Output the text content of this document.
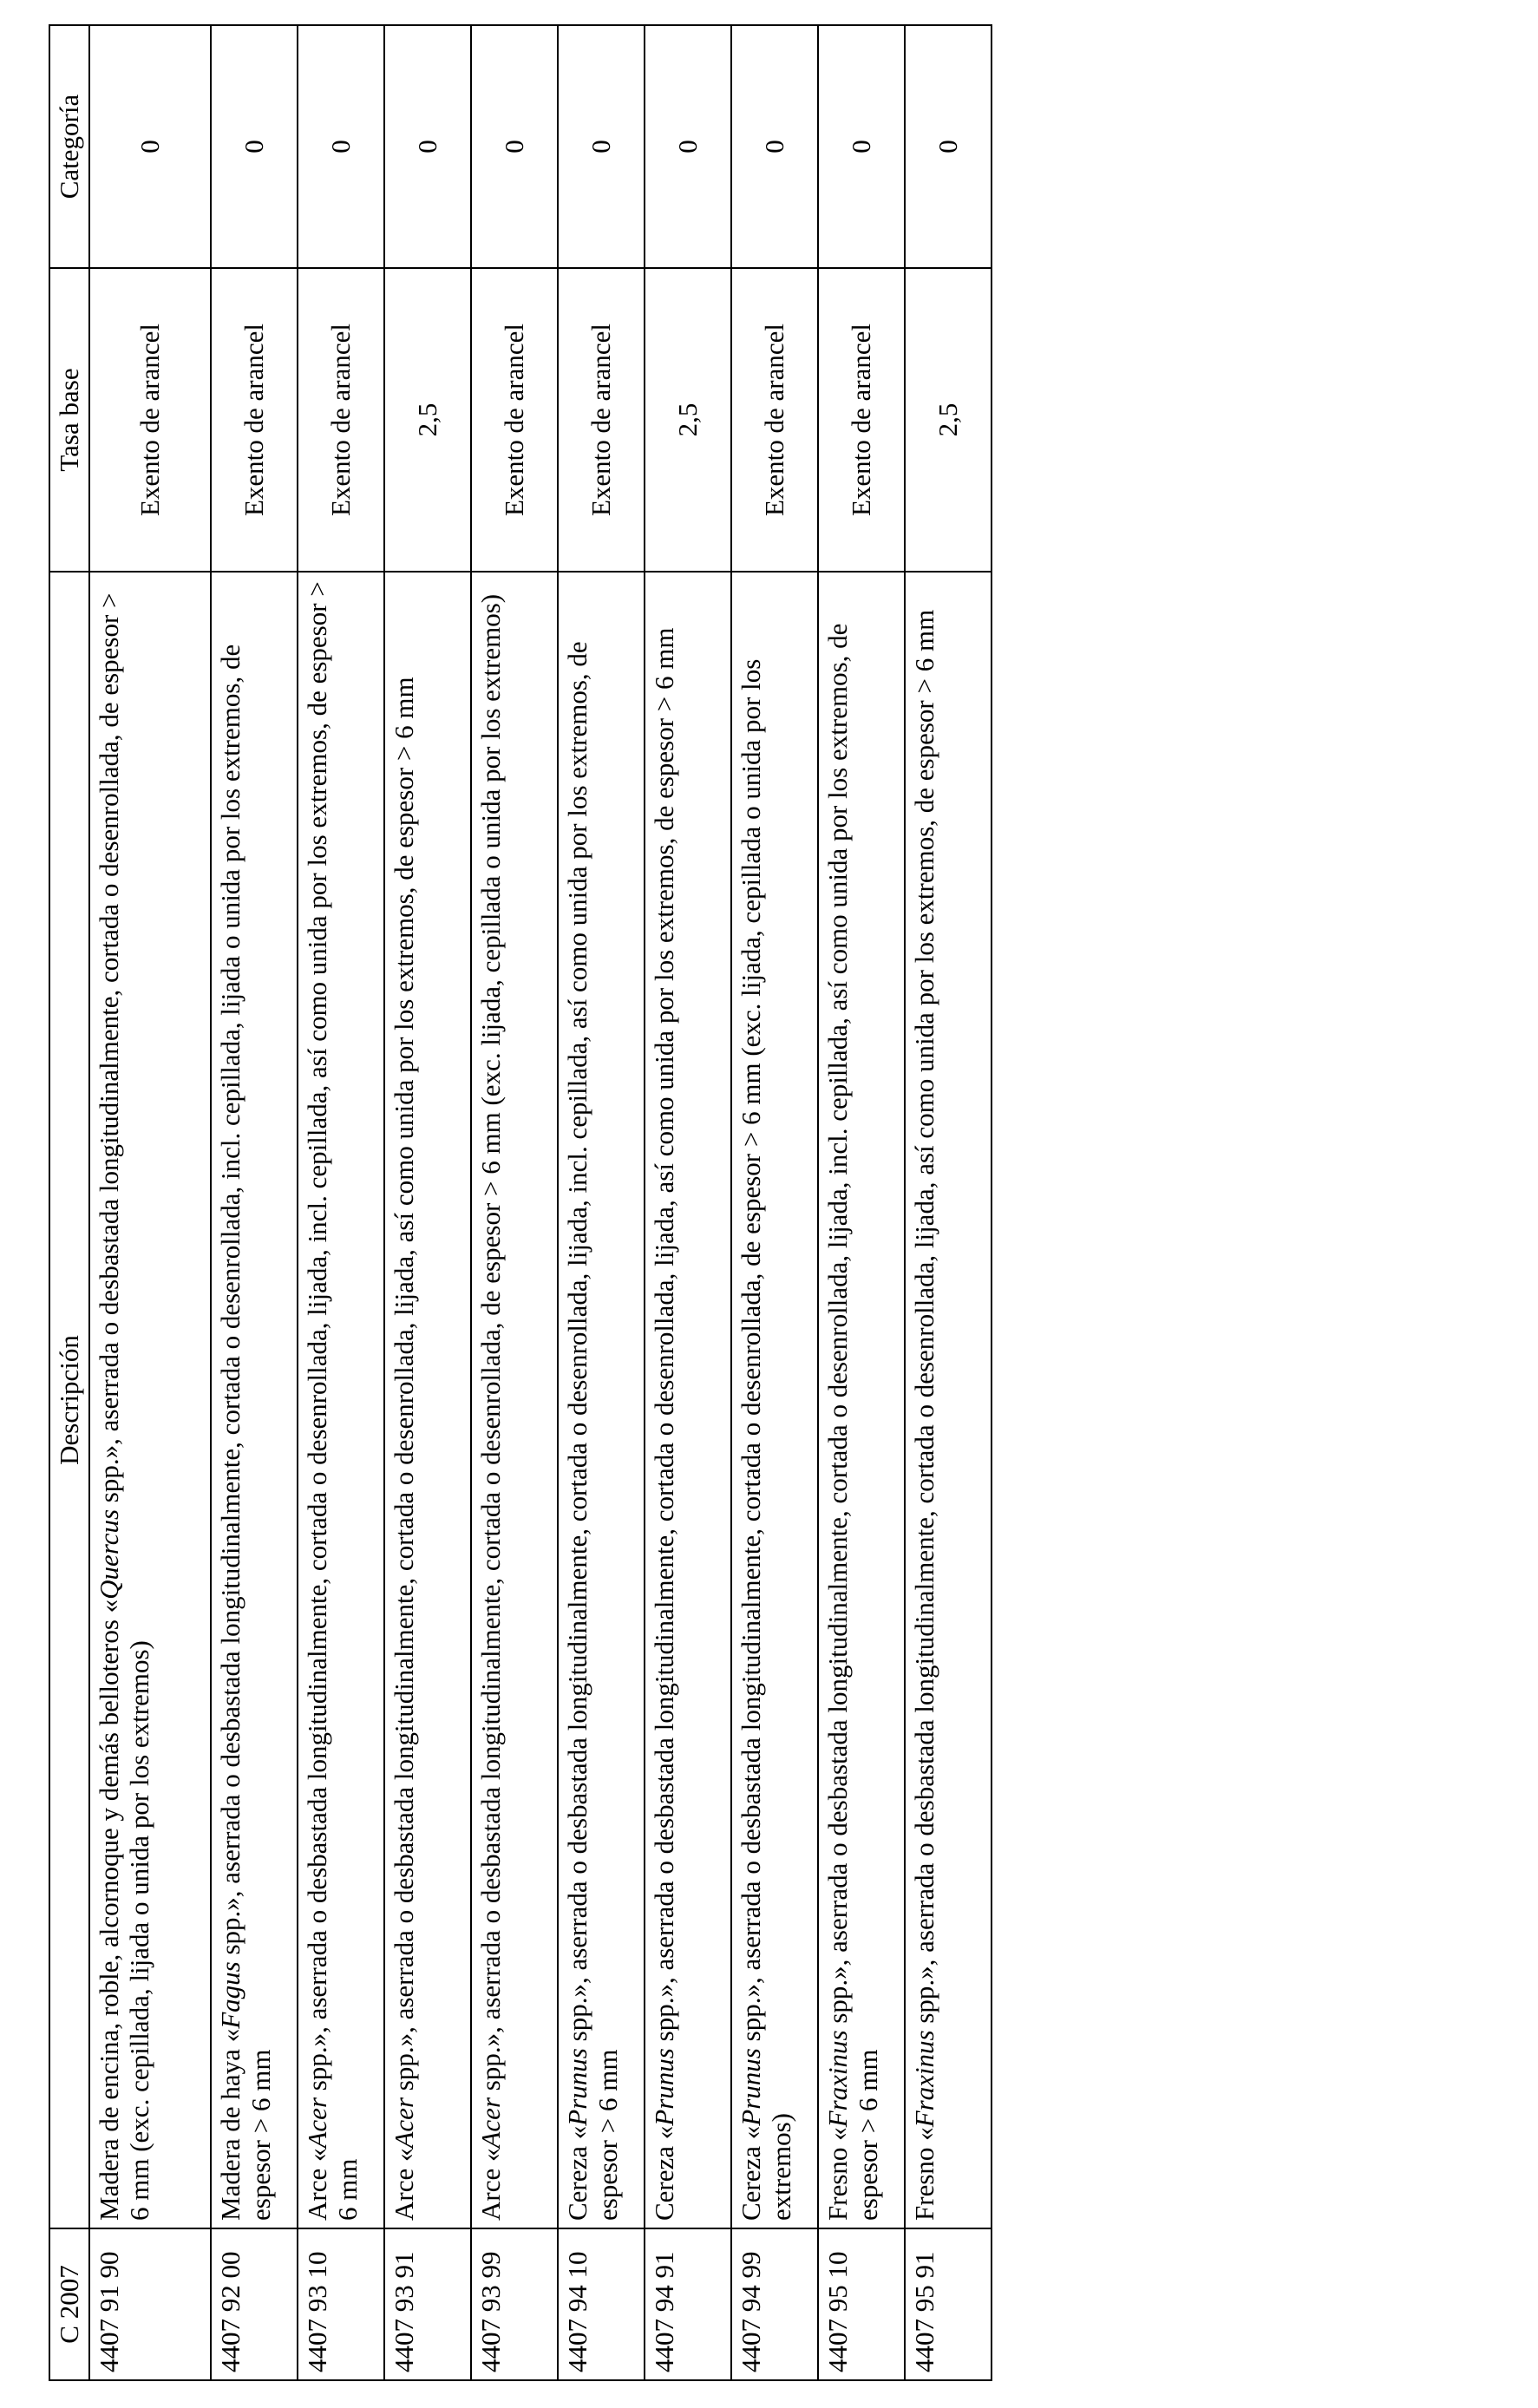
C 2007	Descripción	Tasa base	Categoría
4407 91 90	Madera de encina, roble, alcornoque y demás belloteros «Quercus spp.», aserrada o desbastada longitudinalmente, cortada o desenrollada, de espesor > 6 mm (exc. cepillada, lijada o unida por los extremos)	Exento de arancel	0
4407 92 00	Madera de haya «Fagus spp.», aserrada o desbastada longitudinalmente, cortada o desenrollada, incl. cepillada, lijada o unida por los extremos, de espesor > 6 mm	Exento de arancel	0
4407 93 10	Arce «Acer spp.», aserrada o desbastada longitudinalmente, cortada o desenrollada, lijada, incl. cepillada, así como unida por los extremos, de espesor > 6 mm	Exento de arancel	0
4407 93 91	Arce «Acer spp.», aserrada o desbastada longitudinalmente, cortada o desenrollada, lijada, así como unida por los extremos, de espesor > 6 mm	2,5	0
4407 93 99	Arce «Acer spp.», aserrada o desbastada longitudinalmente, cortada o desenrollada, de espesor > 6 mm (exc. lijada, cepillada o unida por los extremos)	Exento de arancel	0
4407 94 10	Cereza «Prunus spp.», aserrada o desbastada longitudinalmente, cortada o desenrollada, lijada, incl. cepillada, así como unida por los extremos, de espesor > 6 mm	Exento de arancel	0
4407 94 91	Cereza «Prunus spp.», aserrada o desbastada longitudinalmente, cortada o desenrollada, lijada, así como unida por los extremos, de espesor > 6 mm	2,5	0
4407 94 99	Cereza «Prunus spp.», aserrada o desbastada longitudinalmente, cortada o desenrollada, de espesor > 6 mm (exc. lijada, cepillada o unida por los extremos)	Exento de arancel	0
4407 95 10	Fresno «Fraxinus spp.», aserrada o desbastada longitudinalmente, cortada o desenrollada, lijada, incl. cepillada, así como unida por los extremos, de espesor > 6 mm	Exento de arancel	0
4407 95 91	Fresno «Fraxinus spp.», aserrada o desbastada longitudinalmente, cortada o desenrollada, lijada, así como unida por los extremos, de espesor > 6 mm	2,5	0
